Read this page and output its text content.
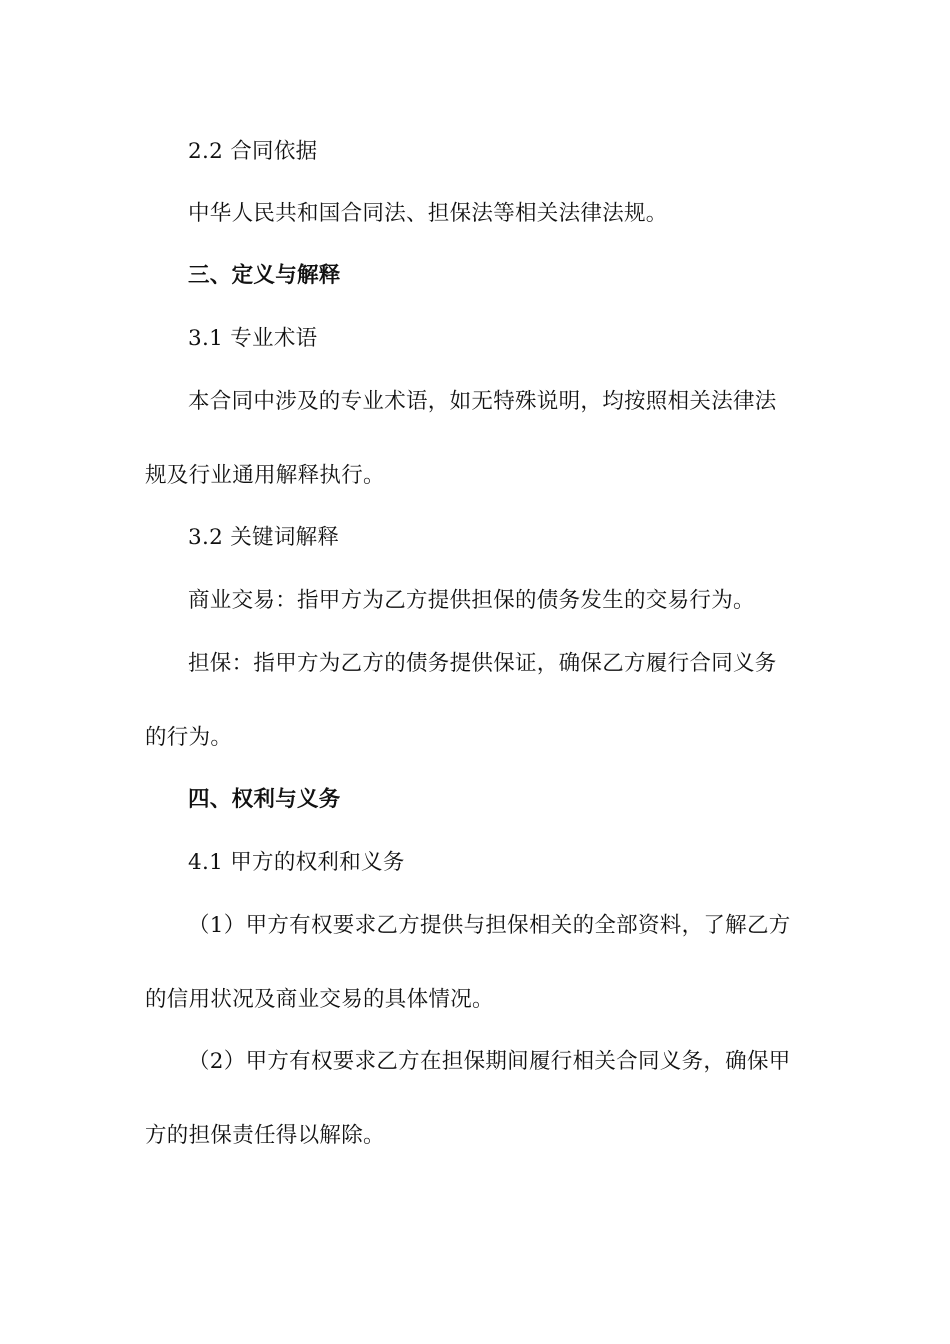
2.2 合同依据
中华人民共和国合同法、担保法等相关法律法规。
三、定义与解释
3.1 专业术语
本合同中涉及的专业术语，如无特殊说明，均按照相关法律法
规及行业通用解释执行。
3.2 关键词解释
商业交易：指甲方为乙方提供担保的债务发生的交易行为。
担保：指甲方为乙方的债务提供保证，确保乙方履行合同义务
的行为。
四、权利与义务
4.1 甲方的权利和义务
（1）甲方有权要求乙方提供与担保相关的全部资料，了解乙方
的信用状况及商业交易的具体情况。
（2）甲方有权要求乙方在担保期间履行相关合同义务，确保甲
方的担保责任得以解除。
